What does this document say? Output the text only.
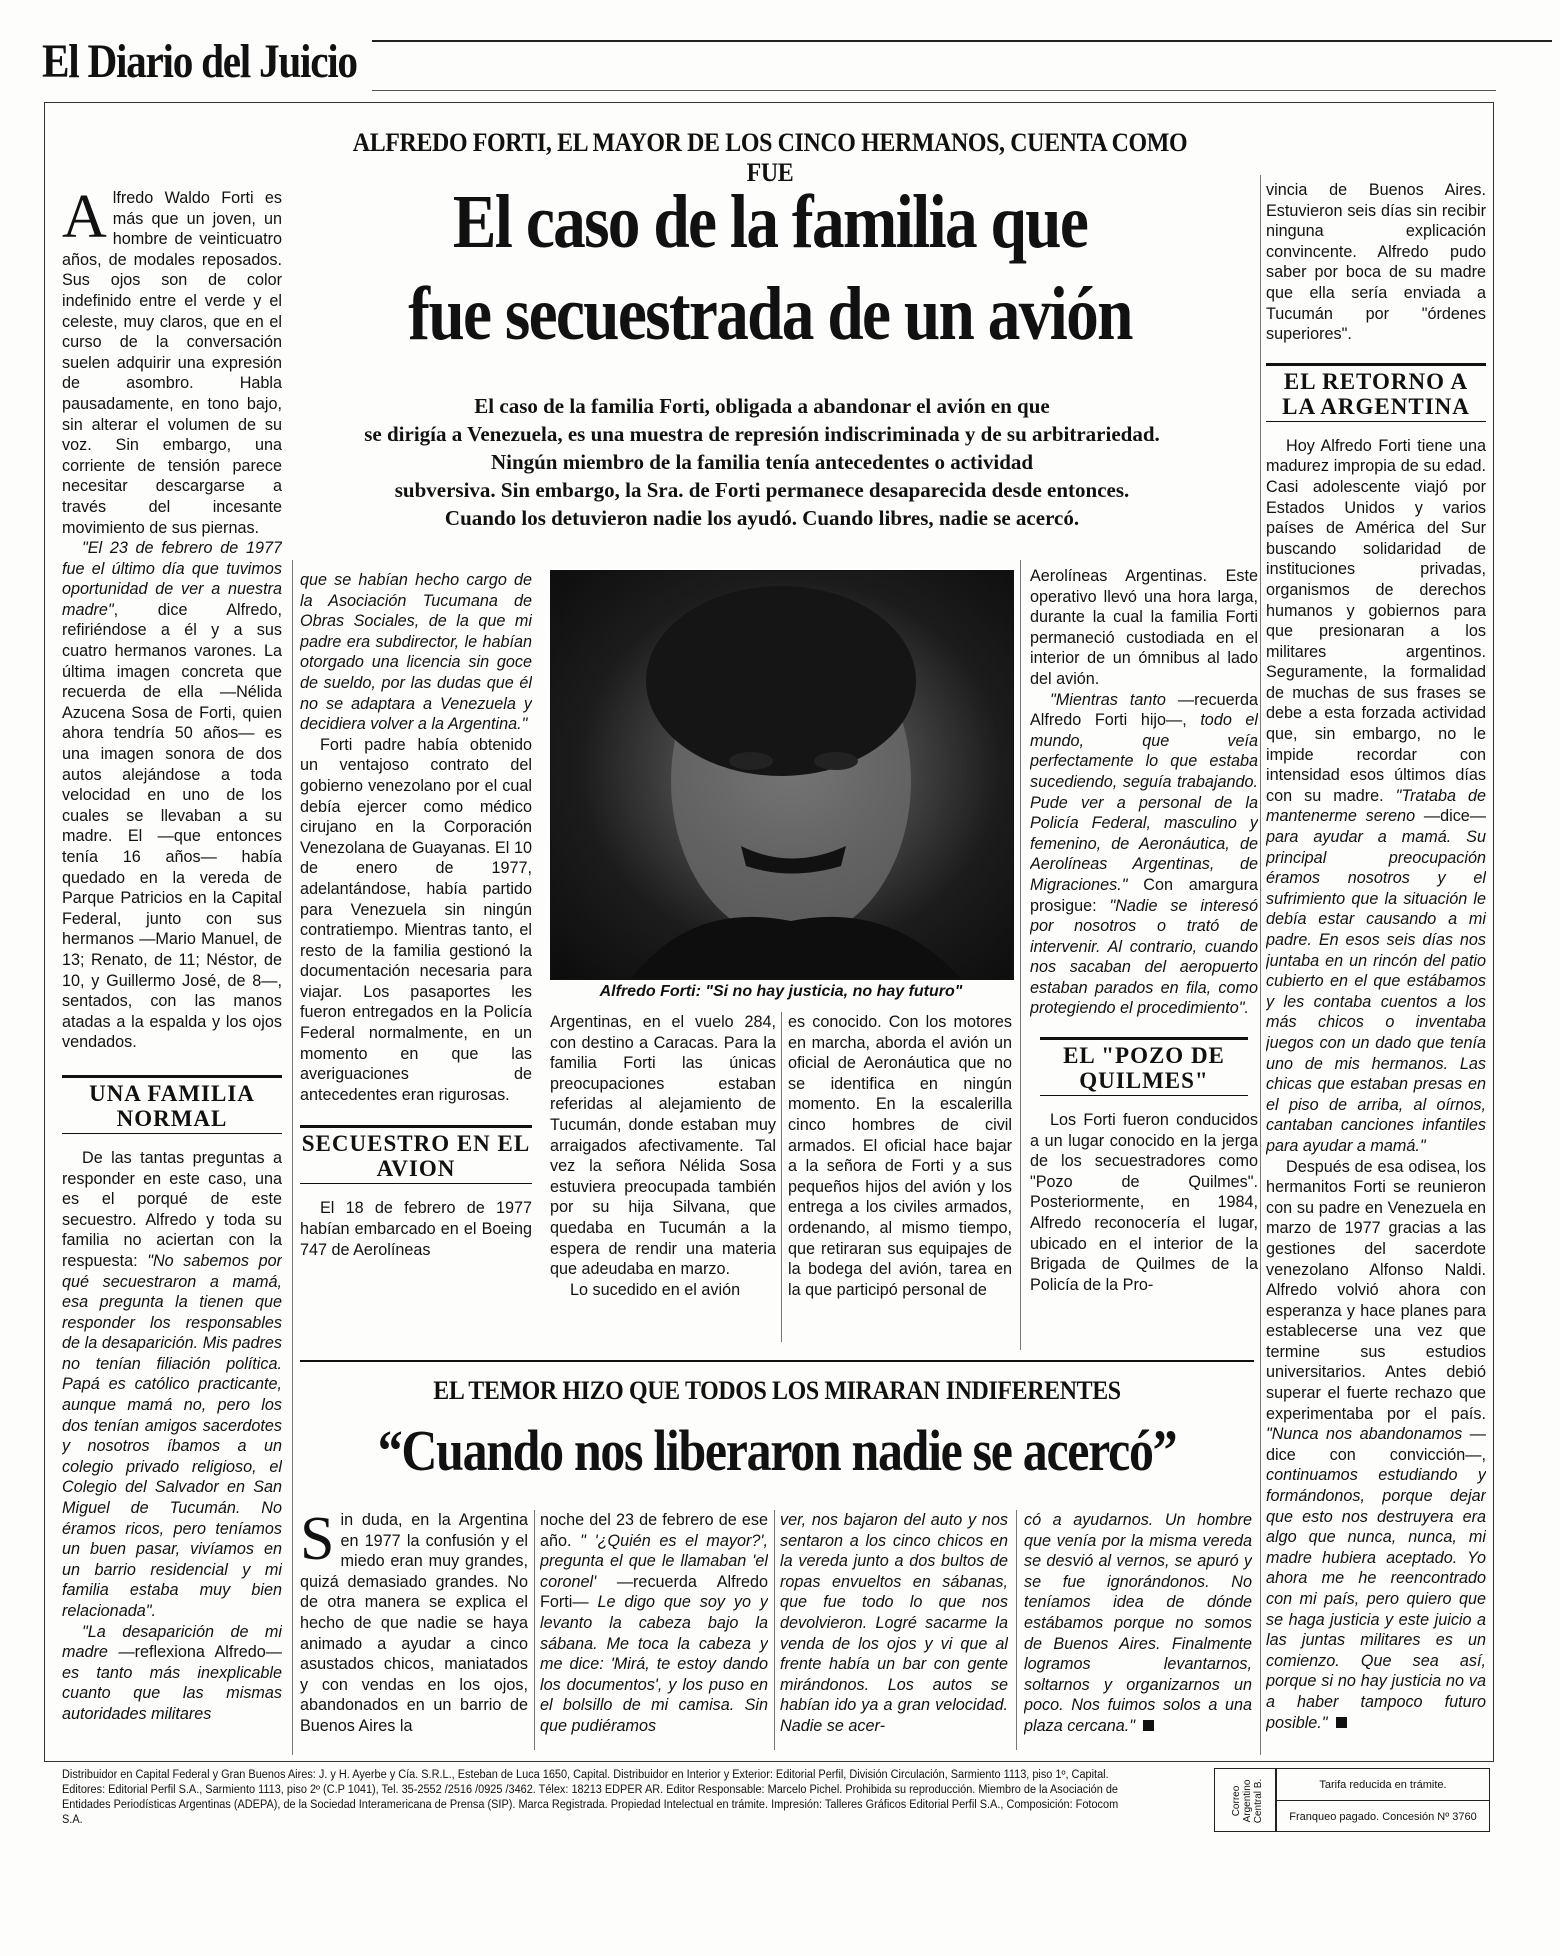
El Diario del Juicio
ALFREDO FORTI, EL MAYOR DE LOS CINCO HERMANOS, CUENTA COMO FUE
El caso de la familia que
fue secuestrada de un avión
El caso de la familia Forti, obligada a abandonar el avión en que
se dirigía a Venezuela, es una muestra de represión indiscriminada y de su arbitrariedad.
Ningún miembro de la familia tenía antecedentes o actividad
subversiva. Sin embargo, la Sra. de Forti permanece desaparecida desde entonces.
Cuando los detuvieron nadie los ayudó. Cuando libres, nadie se acercó.

Alfredo Waldo Forti es más que un joven, un hombre de veinticuatro años, de modales reposados. Sus ojos son de color indefinido entre el verde y el celeste, muy claros, que en el curso de la conversación suelen adquirir una expresión de asombro. Habla pausadamente, en tono bajo, sin alterar el volumen de su voz. Sin embargo, una corriente de tensión parece necesitar descargarse a través del incesante movimiento de sus piernas.

"El 23 de febrero de 1977 fue el último día que tuvimos oportunidad de ver a nuestra madre", dice Alfredo, refiriéndose a él y a sus cuatro hermanos varones. La última imagen concreta que recuerda de ella —Nélida Azucena Sosa de Forti, quien ahora tendría 50 años— es una imagen sonora de dos autos alejándose a toda velocidad en uno de los cuales se llevaban a su madre. El —que entonces tenía 16 años— había quedado en la vereda de Parque Patricios en la Capital Federal, junto con sus hermanos —Mario Manuel, de 13; Renato, de 11; Néstor, de 10, y Guillermo José, de 8—, sentados, con las manos atadas a la espalda y los ojos vendados.

UNA FAMILIA NORMAL

De las tantas preguntas a responder en este caso, una es el porqué de este secuestro. Alfredo y toda su familia no aciertan con la respuesta: "No sabemos por qué secuestraron a mamá, esa pregunta la tienen que responder los responsables de la desaparición. Mis padres no tenían filiación política. Papá es católico practicante, aunque mamá no, pero los dos tenían amigos sacerdotes y nosotros íbamos a un colegio privado religioso, el Colegio del Salvador en San Miguel de Tucumán. No éramos ricos, pero teníamos un buen pasar, vivíamos en un barrio residencial y mi familia estaba muy bien relacionada".

"La desaparición de mi madre —reflexiona Alfredo— es tanto más inexplicable cuanto que las mismas autoridades militares

que se habían hecho cargo de la Asociación Tucumana de Obras Sociales, de la que mi padre era subdirector, le habían otorgado una licencia sin goce de sueldo, por las dudas que él no se adaptara a Venezuela y decidiera volver a la Argentina."

Forti padre había obtenido un ventajoso contrato del gobierno venezolano por el cual debía ejercer como médico cirujano en la Corporación Venezolana de Guayanas. El 10 de enero de 1977, adelantándose, había partido para Venezuela sin ningún contratiempo. Mientras tanto, el resto de la familia gestionó la documentación necesaria para viajar. Los pasaportes les fueron entregados en la Policía Federal normalmente, en un momento en que las averiguaciones de antecedentes eran rigurosas.

SECUESTRO EN EL AVION

El 18 de febrero de 1977 habían embarcado en el Boeing 747 de Aerolíneas

Alfredo Forti: "Si no hay justicia, no hay futuro"

Argentinas, en el vuelo 284, con destino a Caracas. Para la familia Forti las únicas preocupaciones estaban referidas al alejamiento de Tucumán, donde estaban muy arraigados afectivamente. Tal vez la señora Nélida Sosa estuviera preocupada también por su hija Silvana, que quedaba en Tucumán a la espera de rendir una materia que adeudaba en marzo.

Lo sucedido en el avión

es conocido. Con los motores en marcha, aborda el avión un oficial de Aeronáutica que no se identifica en ningún momento. En la escalerilla cinco hombres de civil armados. El oficial hace bajar a la señora de Forti y a sus pequeños hijos del avión y los entrega a los civiles armados, ordenando, al mismo tiempo, que retiraran sus equipajes de la bodega del avión, tarea en la que participó personal de

Aerolíneas Argentinas. Este operativo llevó una hora larga, durante la cual la familia Forti permaneció custodiada en el interior de un ómnibus al lado del avión.

"Mientras tanto —recuerda Alfredo Forti hijo—, todo el mundo, que veía perfectamente lo que estaba sucediendo, seguía trabajando. Pude ver a personal de la Policía Federal, masculino y femenino, de Aeronáutica, de Aerolíneas Argentinas, de Migraciones." Con amargura prosigue: "Nadie se interesó por nosotros o trató de intervenir. Al contrario, cuando nos sacaban del aeropuerto estaban parados en fila, como protegiendo el procedimiento".

EL "POZO DE QUILMES"

Los Forti fueron conducidos a un lugar conocido en la jerga de los secuestradores como "Pozo de Quilmes". Posteriormente, en 1984, Alfredo reconocería el lugar, ubicado en el interior de la Brigada de Quilmes de la Policía de la Pro-

vincia de Buenos Aires. Estuvieron seis días sin recibir ninguna explicación convincente. Alfredo pudo saber por boca de su madre que ella sería enviada a Tucumán por "órdenes superiores".

EL RETORNO A LA ARGENTINA

Hoy Alfredo Forti tiene una madurez impropia de su edad. Casi adolescente viajó por Estados Unidos y varios países de América del Sur buscando solidaridad de instituciones privadas, organismos de derechos humanos y gobiernos para que presionaran a los militares argentinos. Seguramente, la formalidad de muchas de sus frases se debe a esta forzada actividad que, sin embargo, no le impide recordar con intensidad esos últimos días con su madre. "Trataba de mantenerme sereno —dice— para ayudar a mamá. Su principal preocupación éramos nosotros y el sufrimiento que la situación le debía estar causando a mi padre. En esos seis días nos juntaba en un rincón del patio cubierto en el que estábamos y les contaba cuentos a los más chicos o inventaba juegos con un dado que tenía uno de mis hermanos. Las chicas que estaban presas en el piso de arriba, al oírnos, cantaban canciones infantiles para ayudar a mamá."

Después de esa odisea, los hermanitos Forti se reunieron con su padre en Venezuela en marzo de 1977 gracias a las gestiones del sacerdote venezolano Alfonso Naldi. Alfredo volvió ahora con esperanza y hace planes para establecerse una vez que termine sus estudios universitarios. Antes debió superar el fuerte rechazo que experimentaba por el país. "Nunca nos abandonamos —dice con convicción—, continuamos estudiando y formándonos, porque dejar que esto nos destruyera era algo que nunca, nunca, mi madre hubiera aceptado. Yo ahora me he reencontrado con mi país, pero quiero que se haga justicia y este juicio a las juntas militares es un comienzo. Que sea así, porque si no hay justicia no va a haber tampoco futuro posible."

EL TEMOR HIZO QUE TODOS LOS MIRARAN INDIFERENTES
“Cuando nos liberaron nadie se acercó”

Sin duda, en la Argentina en 1977 la confusión y el miedo eran muy grandes, quizá demasiado grandes. No de otra manera se explica el hecho de que nadie se haya animado a ayudar a cinco asustados chicos, maniatados y con vendas en los ojos, abandonados en un barrio de Buenos Aires la

noche del 23 de febrero de ese año. " '¿Quién es el mayor?', pregunta el que le llamaban 'el coronel' —recuerda Alfredo Forti— Le digo que soy yo y levanto la cabeza bajo la sábana. Me toca la cabeza y me dice: 'Mirá, te estoy dando los documentos', y los puso en el bolsillo de mi camisa. Sin que pudiéramos

ver, nos bajaron del auto y nos sentaron a los cinco chicos en la vereda junto a dos bultos de ropas envueltos en sábanas, que fue todo lo que nos devolvieron. Logré sacarme la venda de los ojos y vi que al frente había un bar con gente mirándonos. Los autos se habían ido ya a gran velocidad. Nadie se acer-

có a ayudarnos. Un hombre que venía por la misma vereda se desvió al vernos, se apuró y se fue ignorándonos. No teníamos idea de dónde estábamos porque no somos de Buenos Aires. Finalmente logramos levantarnos, soltarnos y organizarnos un poco. Nos fuimos solos a una plaza cercana."

Distribuidor en Capital Federal y Gran Buenos Aires: J. y H. Ayerbe y Cía. S.R.L., Esteban de Luca 1650, Capital. Distribuidor en Interior y Exterior: Editorial Perfil, División Circulación, Sarmiento 1113, piso 1º, Capital. Editores: Editorial Perfil S.A., Sarmiento 1113, piso 2º (C.P 1041), Tel. 35-2552 /2516 /0925 /3462. Télex: 18213 EDPER AR. Editor Responsable: Marcelo Pichel. Prohibida su reproducción. Miembro de la Asociación de Entidades Periodísticas Argentinas (ADEPA), de la Sociedad Interamericana de Prensa (SIP). Marca Registrada. Propiedad Intelectual en trámite. Impresión: Talleres Gráficos Editorial Perfil S.A., Composición: Fotocom S.A.
Correo Argentino Central B.	Tarifa reducida en trámite.
Franqueo pagado. Concesión Nº 3760
